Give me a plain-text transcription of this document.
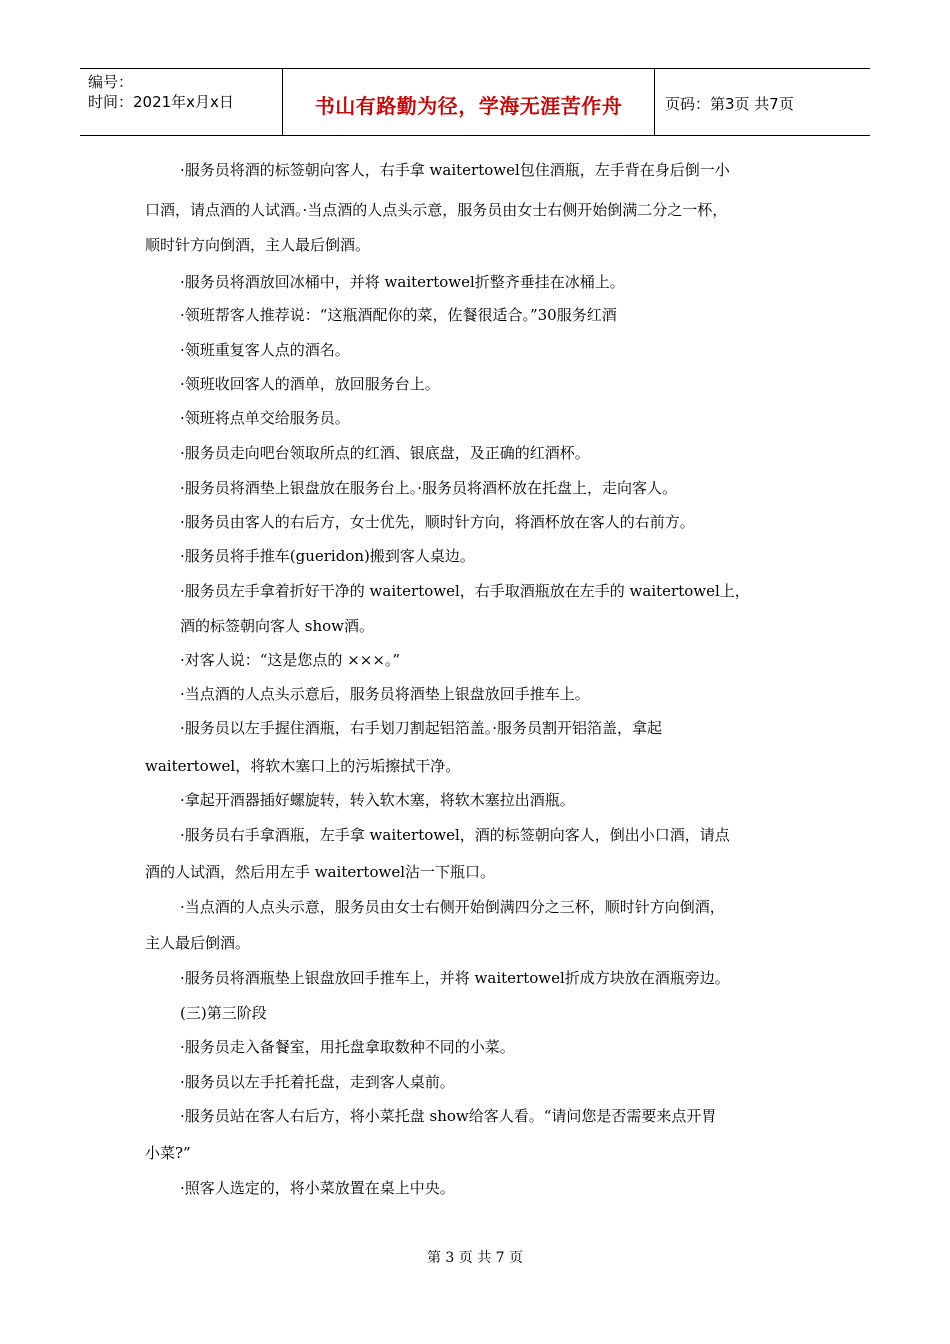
编号：
时间：2021年x月x日	书山有路勤为径，学海无涯苦作舟	页码：第3页 共7页
·服务员将酒的标签朝向客人，右手拿 waitertowel包住酒瓶，左手背在身后倒一小
口酒，请点酒的人试酒。·当点酒的人点头示意，服务员由女士右侧开始倒满二分之一杯，
顺时针方向倒酒，主人最后倒酒。
·服务员将酒放回冰桶中，并将 waitertowel折整齐垂挂在冰桶上。
·领班帮客人推荐说：“这瓶酒配你的菜，佐餐很适合。”30服务红酒
·领班重复客人点的酒名。
·领班收回客人的酒单，放回服务台上。
·领班将点单交给服务员。
·服务员走向吧台领取所点的红酒、银底盘，及正确的红酒杯。
·服务员将酒垫上银盘放在服务台上。·服务员将酒杯放在托盘上，走向客人。
·服务员由客人的右后方，女士优先，顺时针方向，将酒杯放在客人的右前方。
·服务员将手推车(gueridon)搬到客人桌边。
·服务员左手拿着折好干净的 waitertowel，右手取酒瓶放在左手的 waitertowel上，
酒的标签朝向客人 show酒。
·对客人说：“这是您点的 ×××。”
·当点酒的人点头示意后，服务员将酒垫上银盘放回手推车上。
·服务员以左手握住酒瓶，右手划刀割起铝箔盖。·服务员割开铝箔盖，拿起
waitertowel，将软木塞口上的污垢擦拭干净。
·拿起开酒器插好螺旋转，转入软木塞，将软木塞拉出酒瓶。
·服务员右手拿酒瓶，左手拿 waitertowel，酒的标签朝向客人，倒出小口酒，请点
酒的人试酒，然后用左手 waitertowel沾一下瓶口。
·当点酒的人点头示意，服务员由女士右侧开始倒满四分之三杯，顺时针方向倒酒，
主人最后倒酒。
·服务员将酒瓶垫上银盘放回手推车上，并将 waitertowel折成方块放在酒瓶旁边。
(三)第三阶段
·服务员走入备餐室，用托盘拿取数种不同的小菜。
·服务员以左手托着托盘，走到客人桌前。
·服务员站在客人右后方，将小菜托盘 show给客人看。“请问您是否需要来点开胃
小菜?”
·照客人选定的，将小菜放置在桌上中央。
第 3 页 共 7 页
